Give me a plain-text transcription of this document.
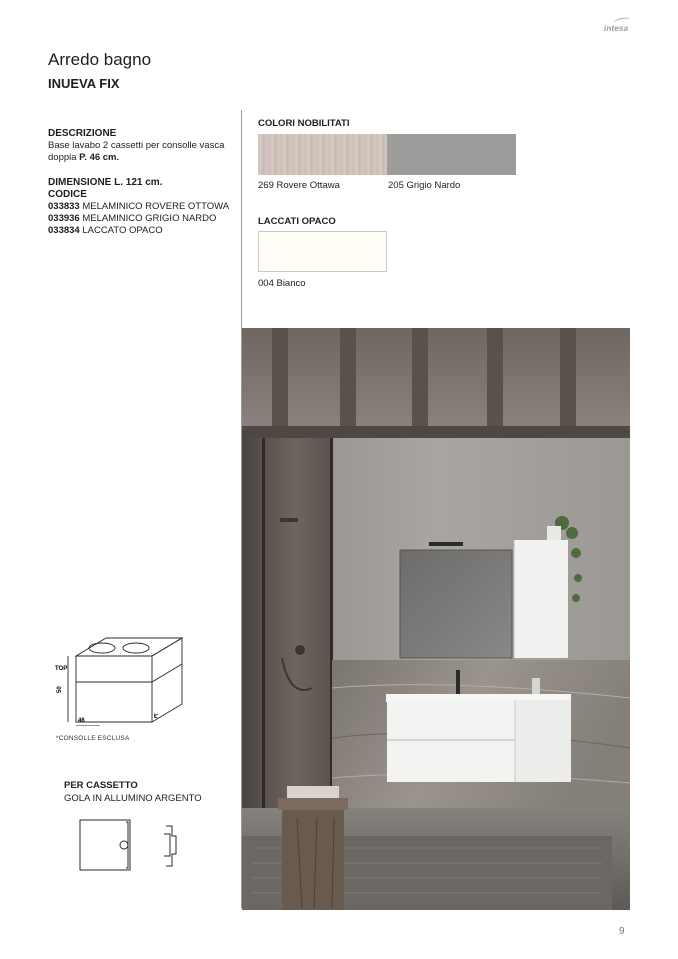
intesa
Arredo bagno
INUEVA FIX
DESCRIZIONE
Base lavabo 2 cassetti per consolle vasca doppia P. 46 cm.
DIMENSIONE L. 121 cm.
CODICE
033833 MELAMINICO ROVERE OTTOWA
033936 MELAMINICO GRIGIO NARDO
033834 LACCATO OPACO
COLORI NOBILITATI
269 Rovere Ottawa	205 Grigio Nardo
LACCATI OPACO
004 Bianco
TOP
50
46
L
*CONSOLLE ESCLUSA
PER CASSETTO
GOLA IN ALLUMINO ARGENTO
9
